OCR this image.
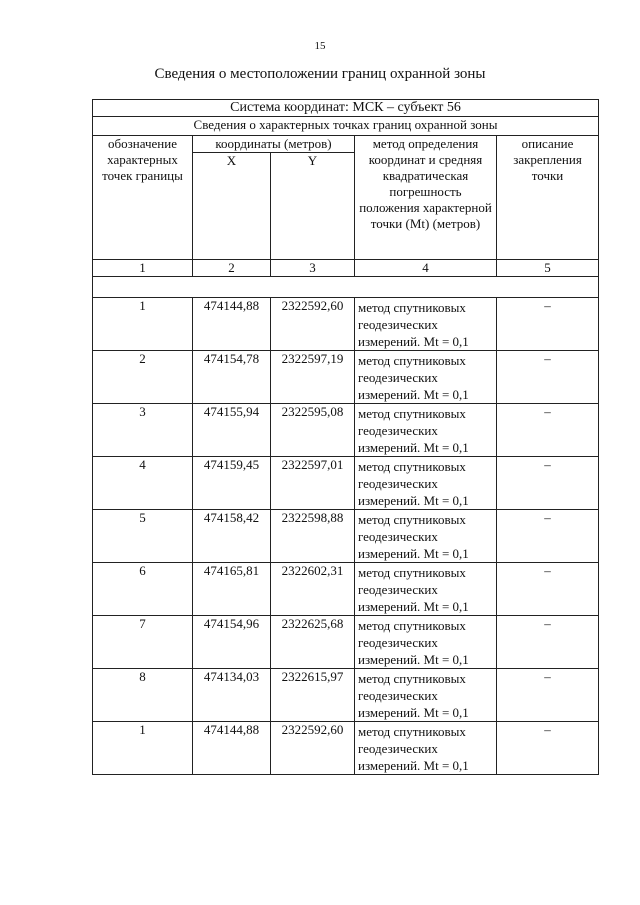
15
Сведения о местоположении границ охранной зоны
Система координат: МСК – субъект 56				
Сведения о характерных точках границ охранной зоны				
обозначение характерных точек границы	координаты (метров)		метод определения координат и средняя квадратическая погрешность положения характерной точки (Mt) (метров)	описание закрепления точки
	X	Y		
1	2	3	4	5

1	474144,88	2322592,60	метод спутниковых геодезических измерений. Mt = 0,1	–
2	474154,78	2322597,19	метод спутниковых геодезических измерений. Mt = 0,1	–
3	474155,94	2322595,08	метод спутниковых геодезических измерений. Mt = 0,1	–
4	474159,45	2322597,01	метод спутниковых геодезических измерений. Mt = 0,1	–
5	474158,42	2322598,88	метод спутниковых геодезических измерений. Mt = 0,1	–
6	474165,81	2322602,31	метод спутниковых геодезических измерений. Mt = 0,1	–
7	474154,96	2322625,68	метод спутниковых геодезических измерений. Mt = 0,1	–
8	474134,03	2322615,97	метод спутниковых геодезических измерений. Mt = 0,1	–
1	474144,88	2322592,60	метод спутниковых геодезических измерений. Mt = 0,1	–
